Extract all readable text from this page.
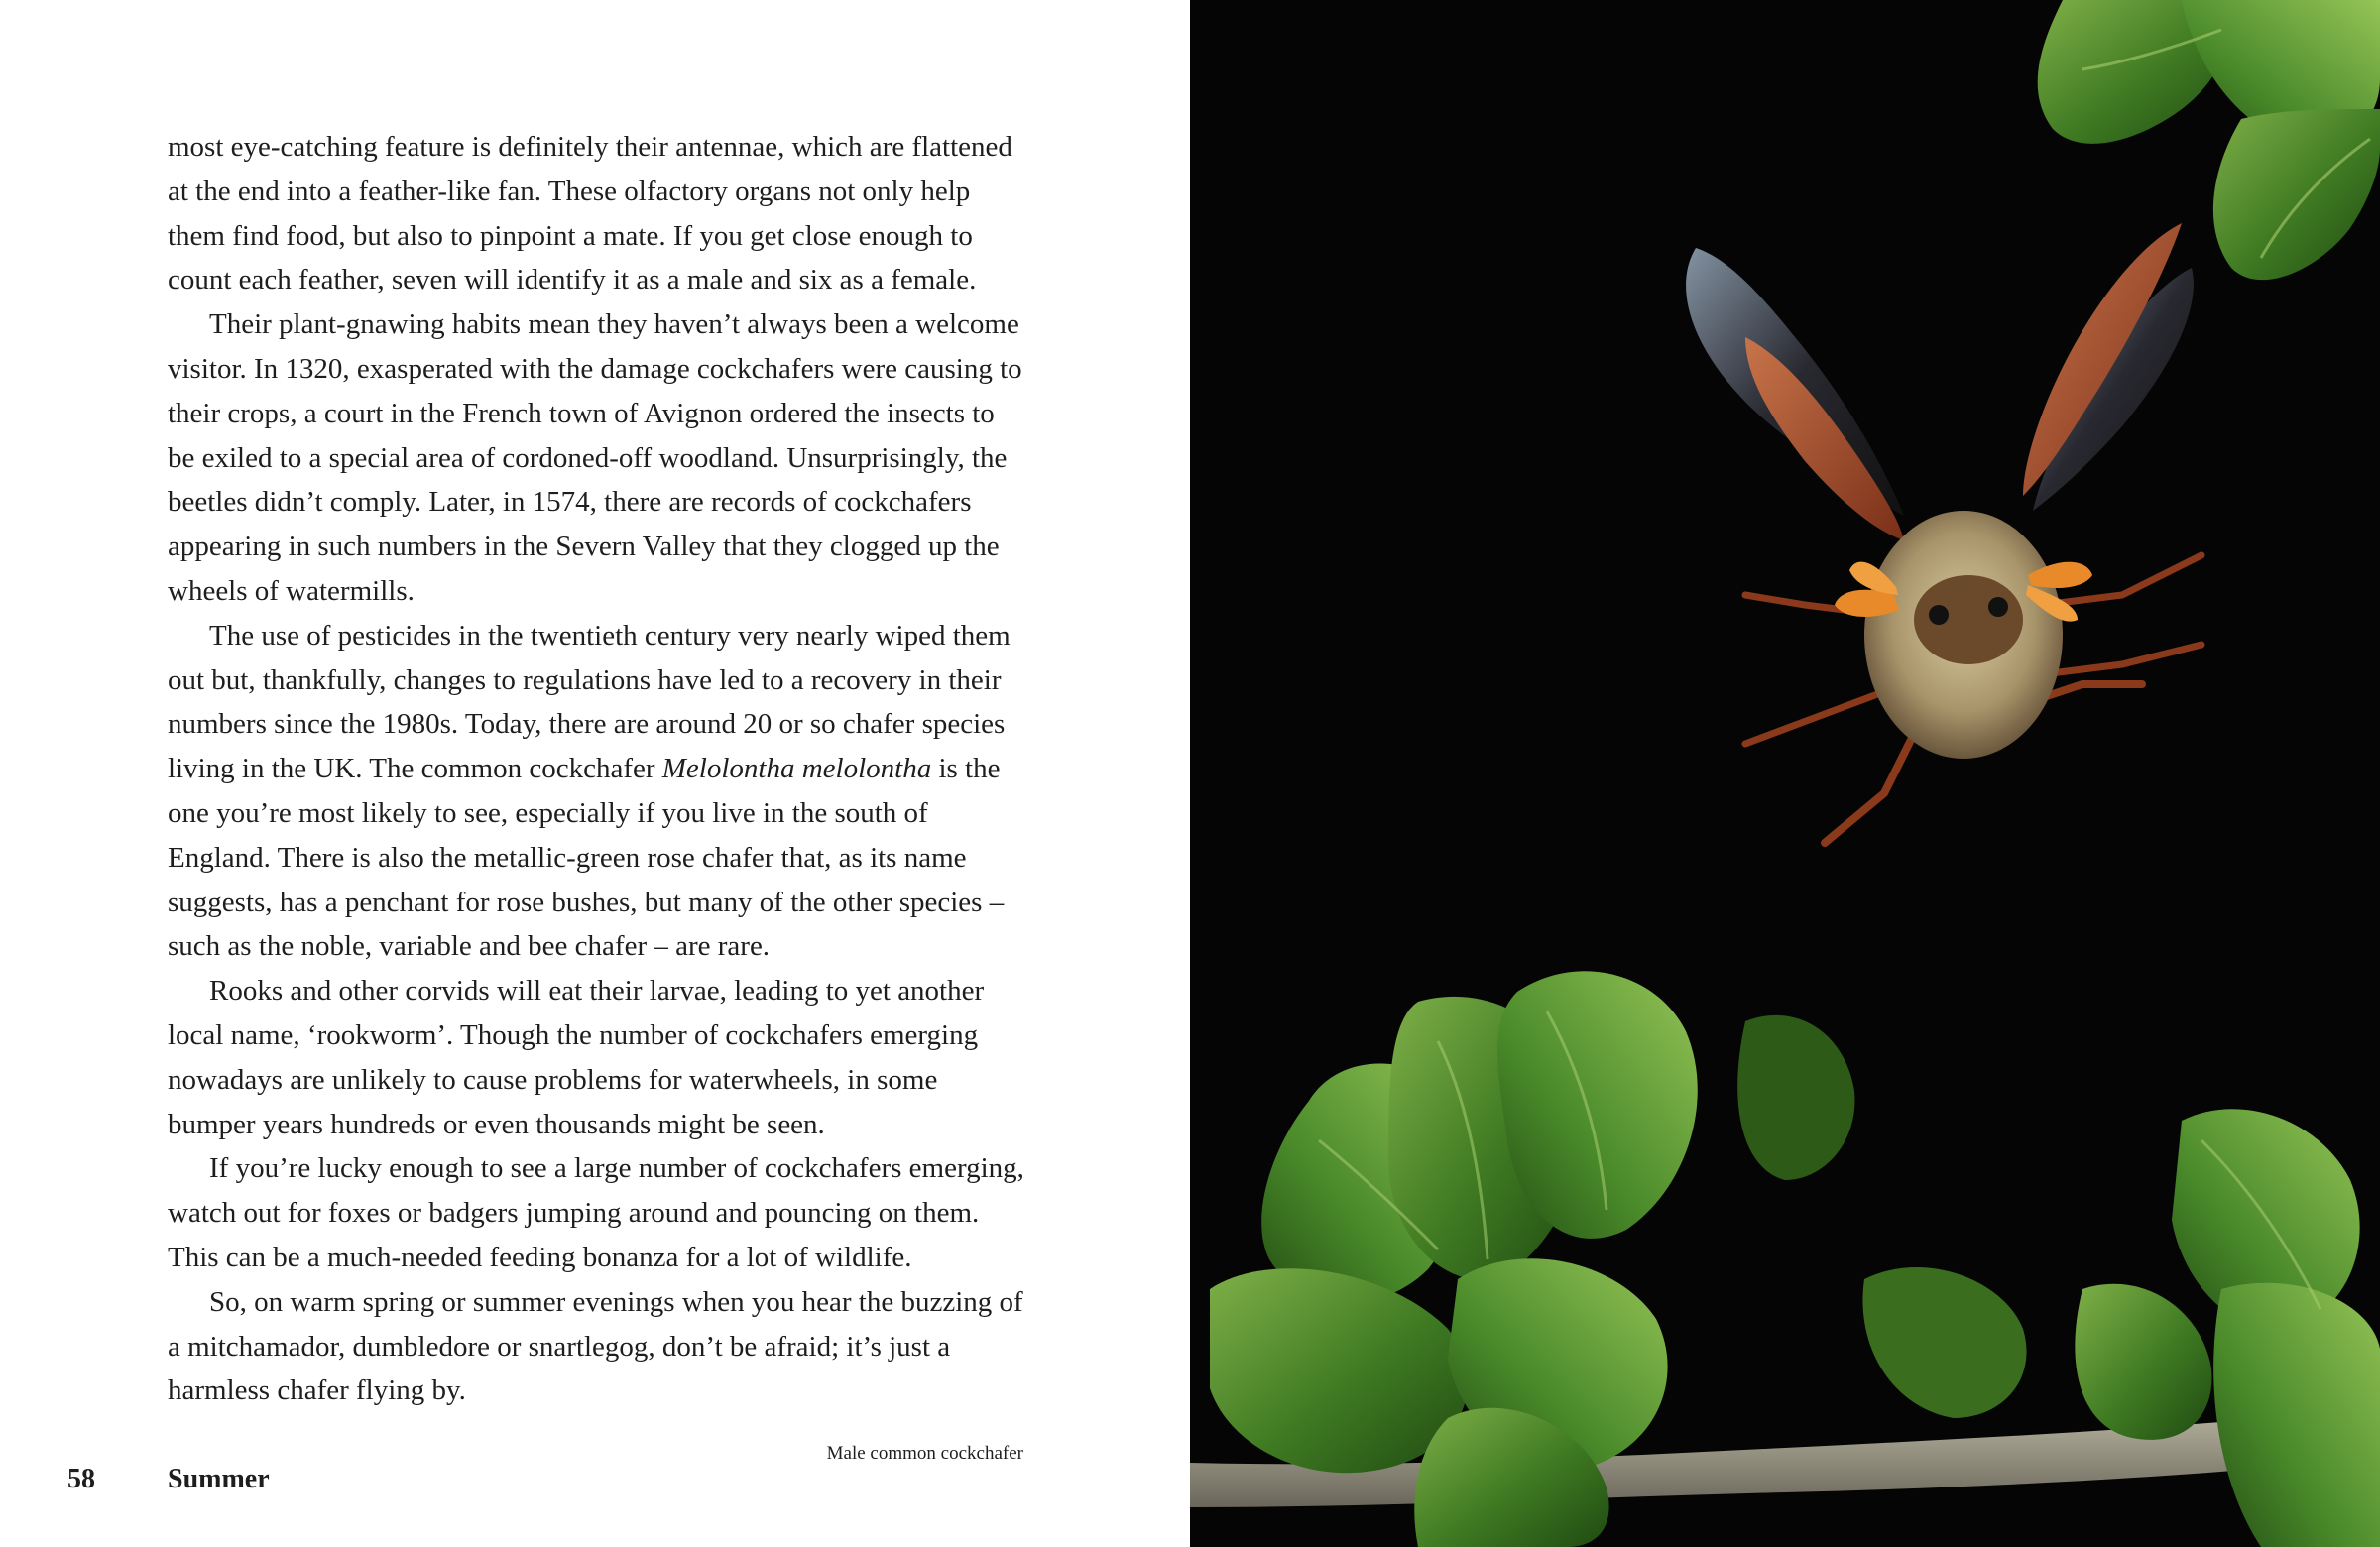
most eye-catching feature is definitely their antennae, which are flattened at the end into a feather-like fan. These olfactory organs not only help them find food, but also to pinpoint a mate. If you get close enough to count each feather, seven will identify it as a male and six as a female.

Their plant-gnawing habits mean they haven’t always been a welcome visitor. In 1320, exasperated with the damage cockchafers were causing to their crops, a court in the French town of Avignon ordered the insects to be exiled to a special area of cordoned-off woodland. Unsurprisingly, the beetles didn’t comply. Later, in 1574, there are records of cockchafers appearing in such numbers in the Severn Valley that they clogged up the wheels of watermills.

The use of pesticides in the twentieth century very nearly wiped them out but, thankfully, changes to regulations have led to a recovery in their numbers since the 1980s. Today, there are around 20 or so chafer species living in the UK. The common cockchafer Melolontha melolontha is the one you’re most likely to see, especially if you live in the south of England. There is also the metallic-green rose chafer that, as its name suggests, has a penchant for rose bushes, but many of the other species – such as the noble, variable and bee chafer – are rare.

Rooks and other corvids will eat their larvae, leading to yet another local name, ‘rookworm’. Though the number of cockchafers emerging nowadays are unlikely to cause problems for waterwheels, in some bumper years hundreds or even thousands might be seen.

If you’re lucky enough to see a large number of cockchafers emerging, watch out for foxes or badgers jumping around and pouncing on them. This can be a much-needed feeding bonanza for a lot of wildlife.

So, on warm spring or summer evenings when you hear the buzzing of a mitchamador, dumbledore or snartlegog, don’t be afraid; it’s just a harmless chafer flying by.

Male common cockchafer
58	Summer
